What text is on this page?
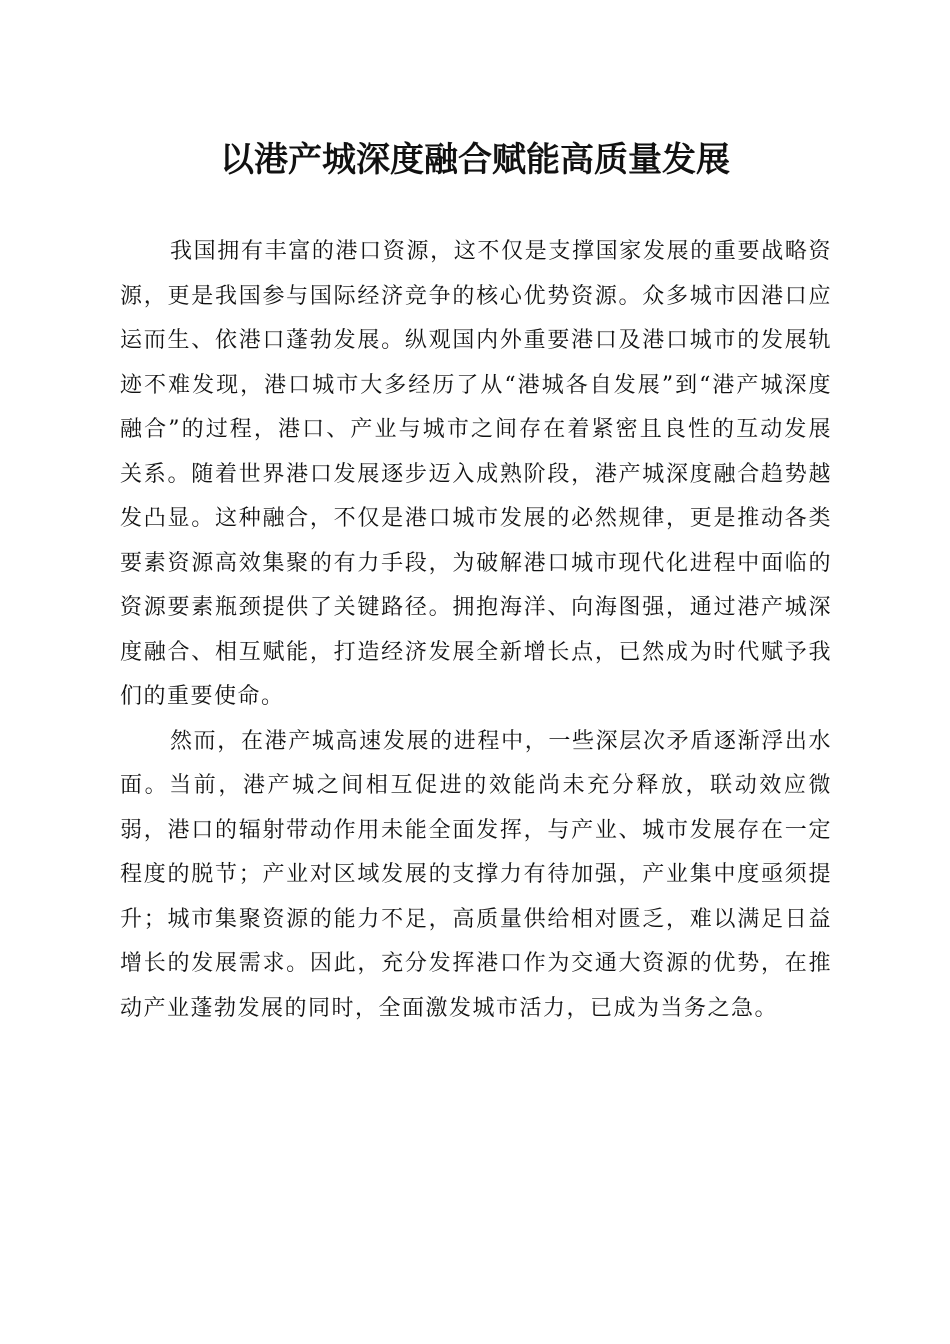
以港产城深度融合赋能高质量发展

我国拥有丰富的港口资源，这不仅是支撑国家发展的重要战略资源，更是我国参与国际经济竞争的核心优势资源。众多城市因港口应运而生、依港口蓬勃发展。纵观国内外重要港口及港口城市的发展轨迹不难发现，港口城市大多经历了从“港城各自发展”到“港产城深度融合”的过程，港口、产业与城市之间存在着紧密且良性的互动发展关系。随着世界港口发展逐步迈入成熟阶段，港产城深度融合趋势越发凸显。这种融合，不仅是港口城市发展的必然规律，更是推动各类要素资源高效集聚的有力手段，为破解港口城市现代化进程中面临的资源要素瓶颈提供了关键路径。拥抱海洋、向海图强，通过港产城深度融合、相互赋能，打造经济发展全新增长点，已然成为时代赋予我们的重要使命。

然而，在港产城高速发展的进程中，一些深层次矛盾逐渐浮出水面。当前，港产城之间相互促进的效能尚未充分释放，联动效应微弱，港口的辐射带动作用未能全面发挥，与产业、城市发展存在一定程度的脱节；产业对区域发展的支撑力有待加强，产业集中度亟须提升；城市集聚资源的能力不足，高质量供给相对匮乏，难以满足日益增长的发展需求。因此，充分发挥港口作为交通大资源的优势，在推动产业蓬勃发展的同时，全面激发城市活力，已成为当务之急。
